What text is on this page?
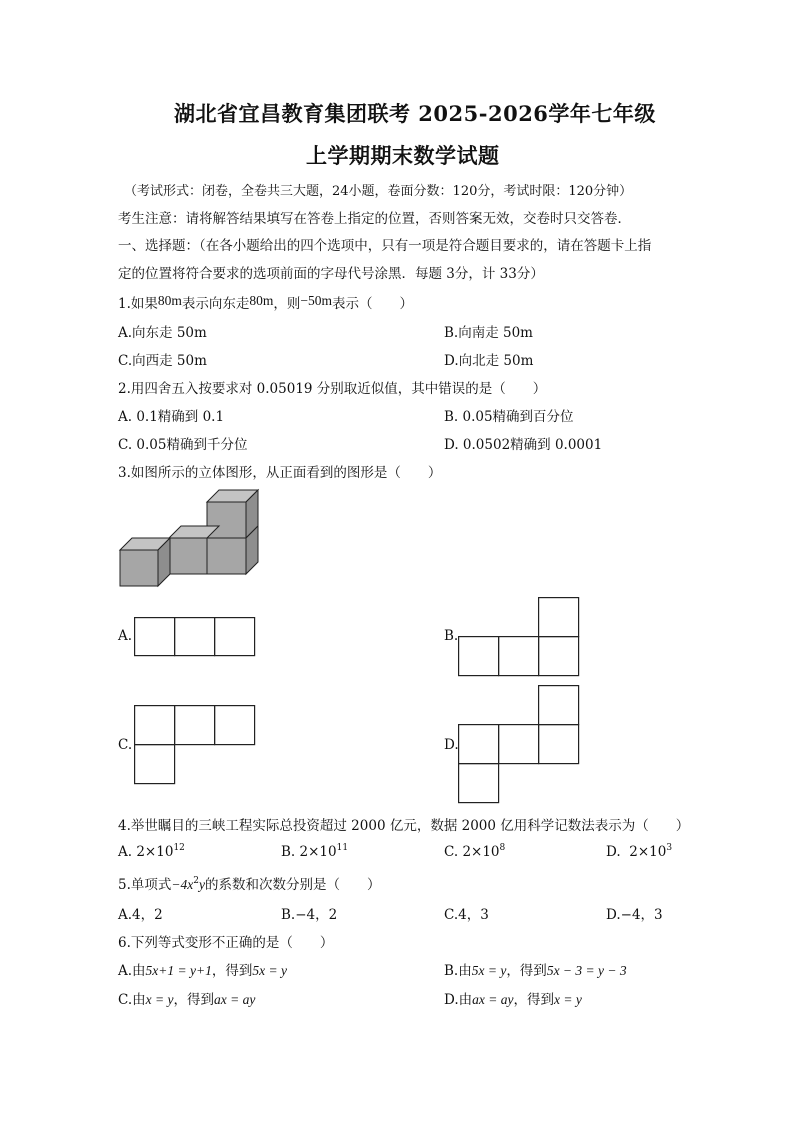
湖北省宜昌教育集团联考 2025-2026学年七年级
上学期期末数学试题
（考试形式：闭卷，全卷共三大题，24小题，卷面分数：120分，考试时限：120分钟）
考生注意：请将解答结果填写在答卷上指定的位置，否则答案无效，交卷时只交答卷．
一、选择题：（在各小题给出的四个选项中，只有一项是符合题目要求的，请在答题卡上指
定的位置将符合要求的选项前面的字母代号涂黑．每题 3分，计 33分）
1.如果80m表示向东走80m，则−50m表示（　　）
A.向东走 50m	B.向南走 50m
C.向西走 50m	D.向北走 50m
2.用四舍五入按要求对 0.05019 分别取近似值，其中错误的是（　　）
A. 0.1精确到 0.1	B. 0.05精确到百分位
C. 0.05精确到千分位	D. 0.0502精确到 0.0001
3.如图所示的立体图形，从正面看到的图形是（　　）
A.	B.
C.	D.
4.举世瞩目的三峡工程实际总投资超过 2000 亿元，数据 2000 亿用科学记数法表示为（　　）
A. $2\times 10^{12}$	B. $2\times 10^{11}$	C. $2\times 10^8$	D. $2\times 10^3$
5.单项式$-4x^2y$的系数和次数分别是（　　）
A.4，2	B.−4，2	C.4，3	D.−4，3
6.下列等式变形不正确的是（　　）
A.由5x+1 = y+1，得到5x = y	B.由5x = y，得到5x − 3 = y − 3
C.由x = y，得到ax = ay	D.由ax = ay，得到x = y
